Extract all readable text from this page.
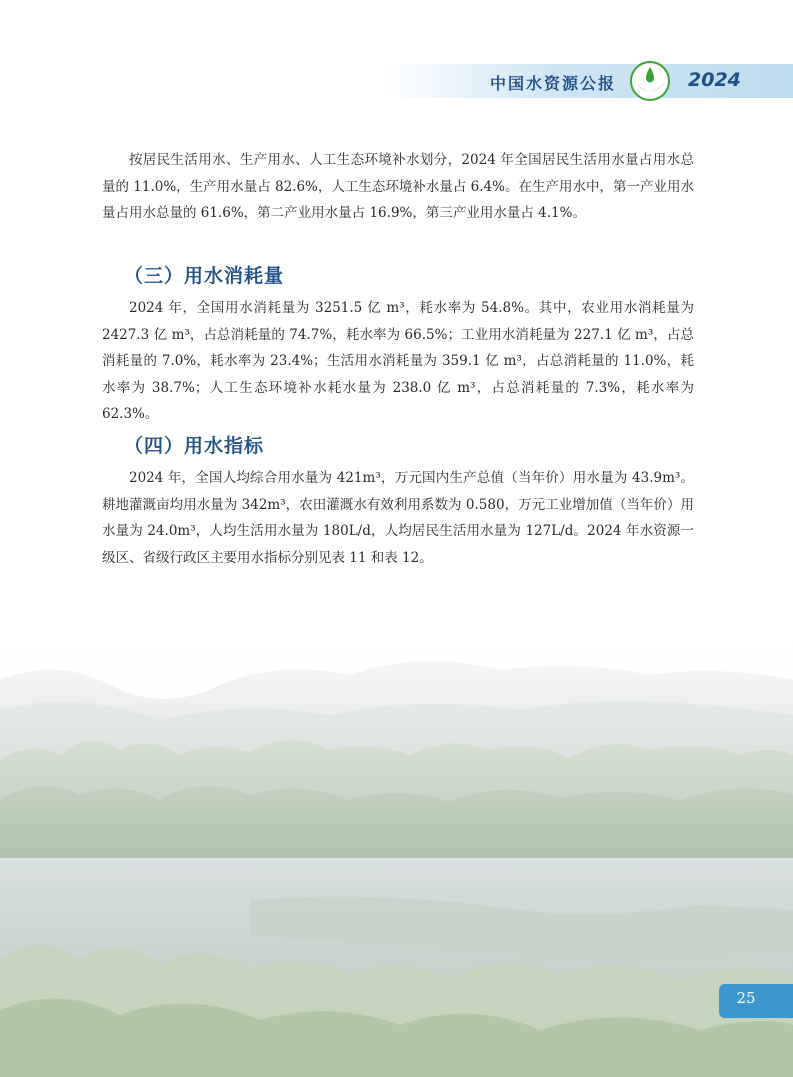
中国水资源公报	2024
按居民生活用水、生产用水、人工生态环境补水划分，2024 年全国居民生活用水量占用水总量的 11.0%，生产用水量占 82.6%，人工生态环境补水量占 6.4%。在生产用水中，第一产业用水量占用水总量的 61.6%，第二产业用水量占 16.9%，第三产业用水量占 4.1%。
（三）用水消耗量
2024 年，全国用水消耗量为 3251.5 亿 m³，耗水率为 54.8%。其中，农业用水消耗量为 2427.3 亿 m³，占总消耗量的 74.7%，耗水率为 66.5%；工业用水消耗量为 227.1 亿 m³，占总消耗量的 7.0%，耗水率为 23.4%；生活用水消耗量为 359.1 亿 m³，占总消耗量的 11.0%，耗水率为 38.7%；人工生态环境补水耗水量为 238.0 亿 m³，占总消耗量的 7.3%，耗水率为 62.3%。
（四）用水指标
2024 年，全国人均综合用水量为 421m³，万元国内生产总值（当年价）用水量为 43.9m³。耕地灌溉亩均用水量为 342m³，农田灌溉水有效利用系数为 0.580，万元工业增加值（当年价）用水量为 24.0m³，人均生活用水量为 180L/d，人均居民生活用水量为 127L/d。2024 年水资源一级区、省级行政区主要用水指标分别见表 11 和表 12。
25
